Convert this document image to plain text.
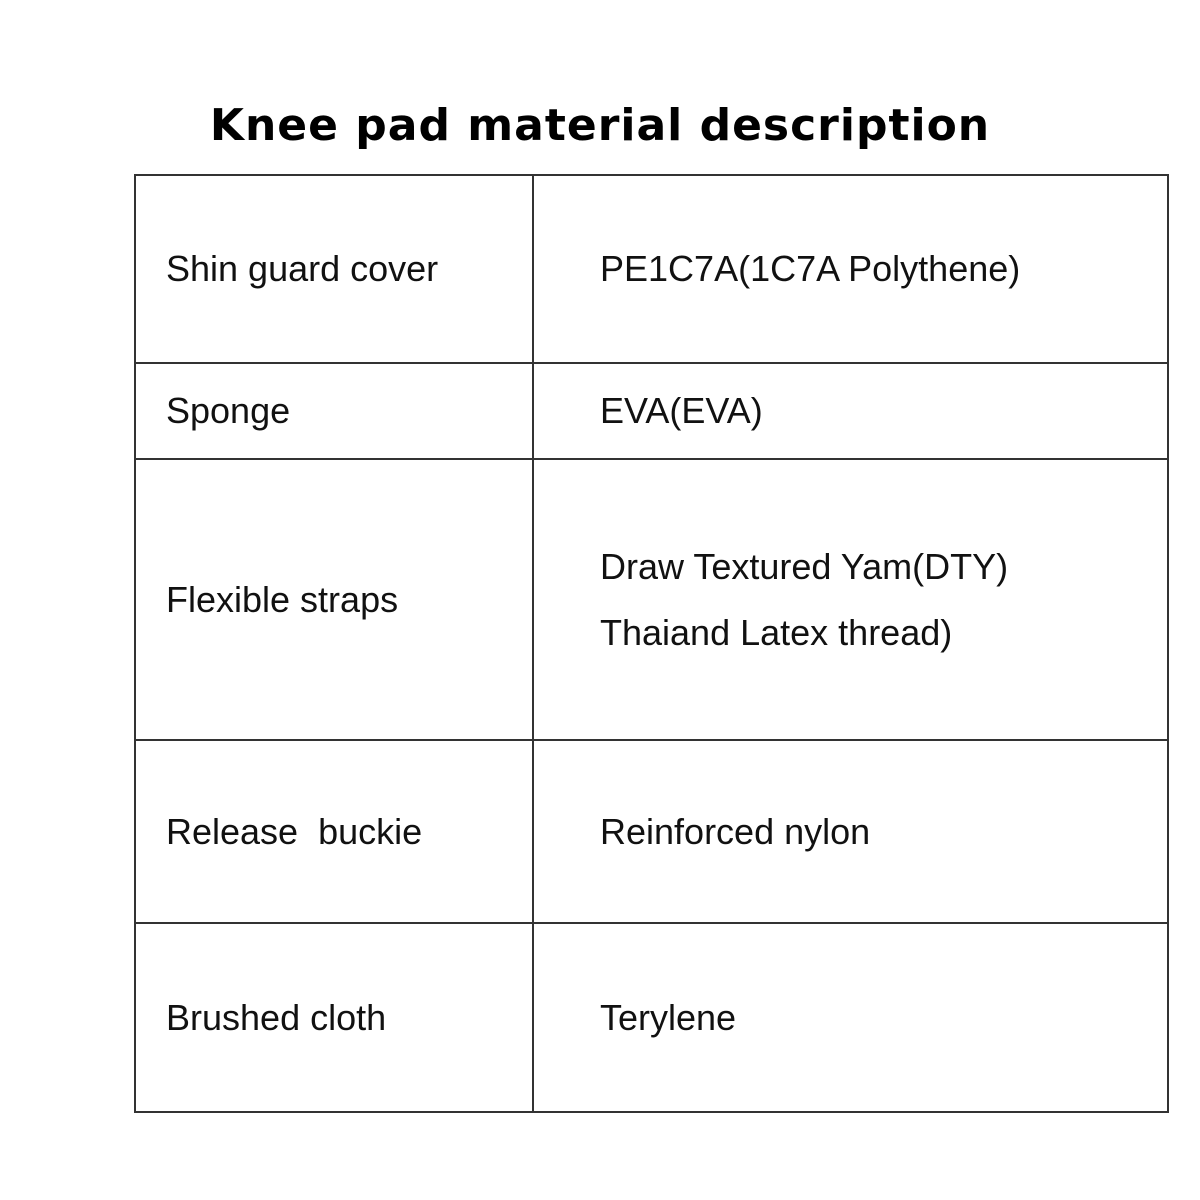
Knee pad material description
Shin guard cover	PE1C7A(1C7A Polythene)

Sponge	EVA(EVA)

Flexible straps	Draw Textured Yam(DTY)
Thaiand Latex thread)

Release  buckie	Reinforced nylon

Brushed cloth	Terylene
